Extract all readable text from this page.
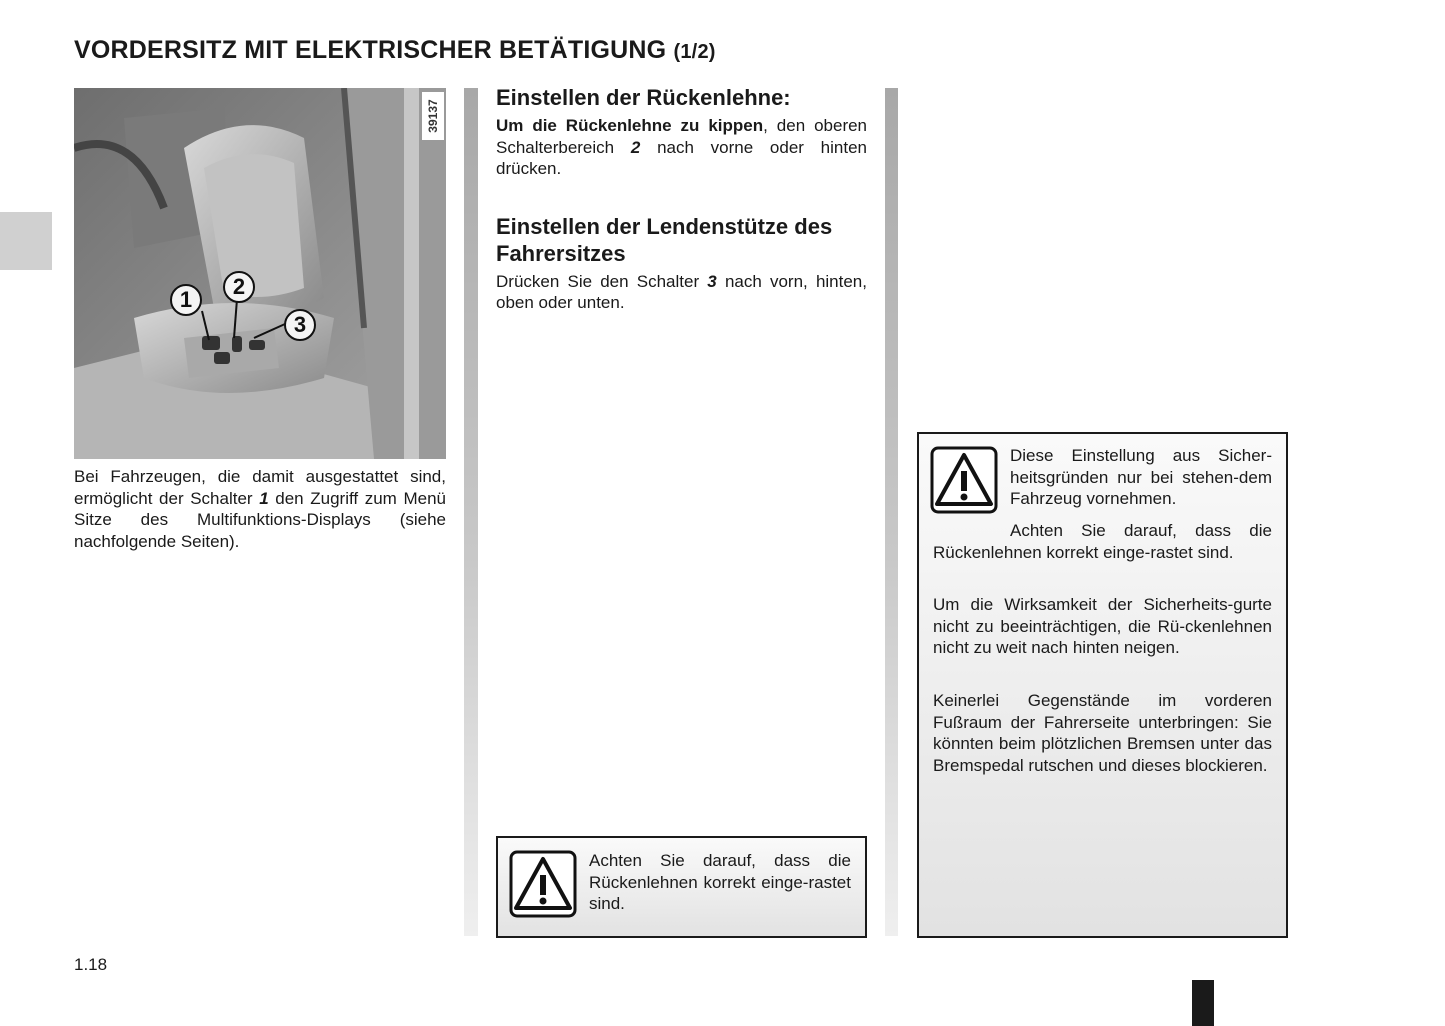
VORDERSITZ MIT ELEKTRISCHER BETÄTIGUNG (1/2)
1
2
3
39137
Bei Fahrzeugen, die damit ausgestattet sind, ermöglicht der Schalter 1 den Zugriff zum Menü Sitze des Multifunktions-Displays (siehe nachfolgende Seiten).
Einstellen der Rückenlehne:

Um die Rückenlehne zu kippen, den oberen Schalterbereich 2 nach vorne oder hinten drücken.

Einstellen der Lendenstütze des Fahrersitzes

Drücken Sie den Schalter 3 nach vorn, hinten, oben oder unten.

Achten Sie darauf, dass die Rückenlehnen korrekt einge-rastet sind.
Diese Einstellung aus Sicher-heitsgründen nur bei stehen-dem Fahrzeug vornehmen.
Achten Sie darauf, dass die Rückenlehnen korrekt einge-rastet sind.
Um die Wirksamkeit der Sicherheits-gurte nicht zu beeinträchtigen, die Rü-ckenlehnen nicht zu weit nach hinten neigen.
Keinerlei Gegenstände im vorderen Fußraum der Fahrerseite unterbringen: Sie könnten beim plötzlichen Bremsen unter das Bremspedal rutschen und dieses blockieren.
1.18
